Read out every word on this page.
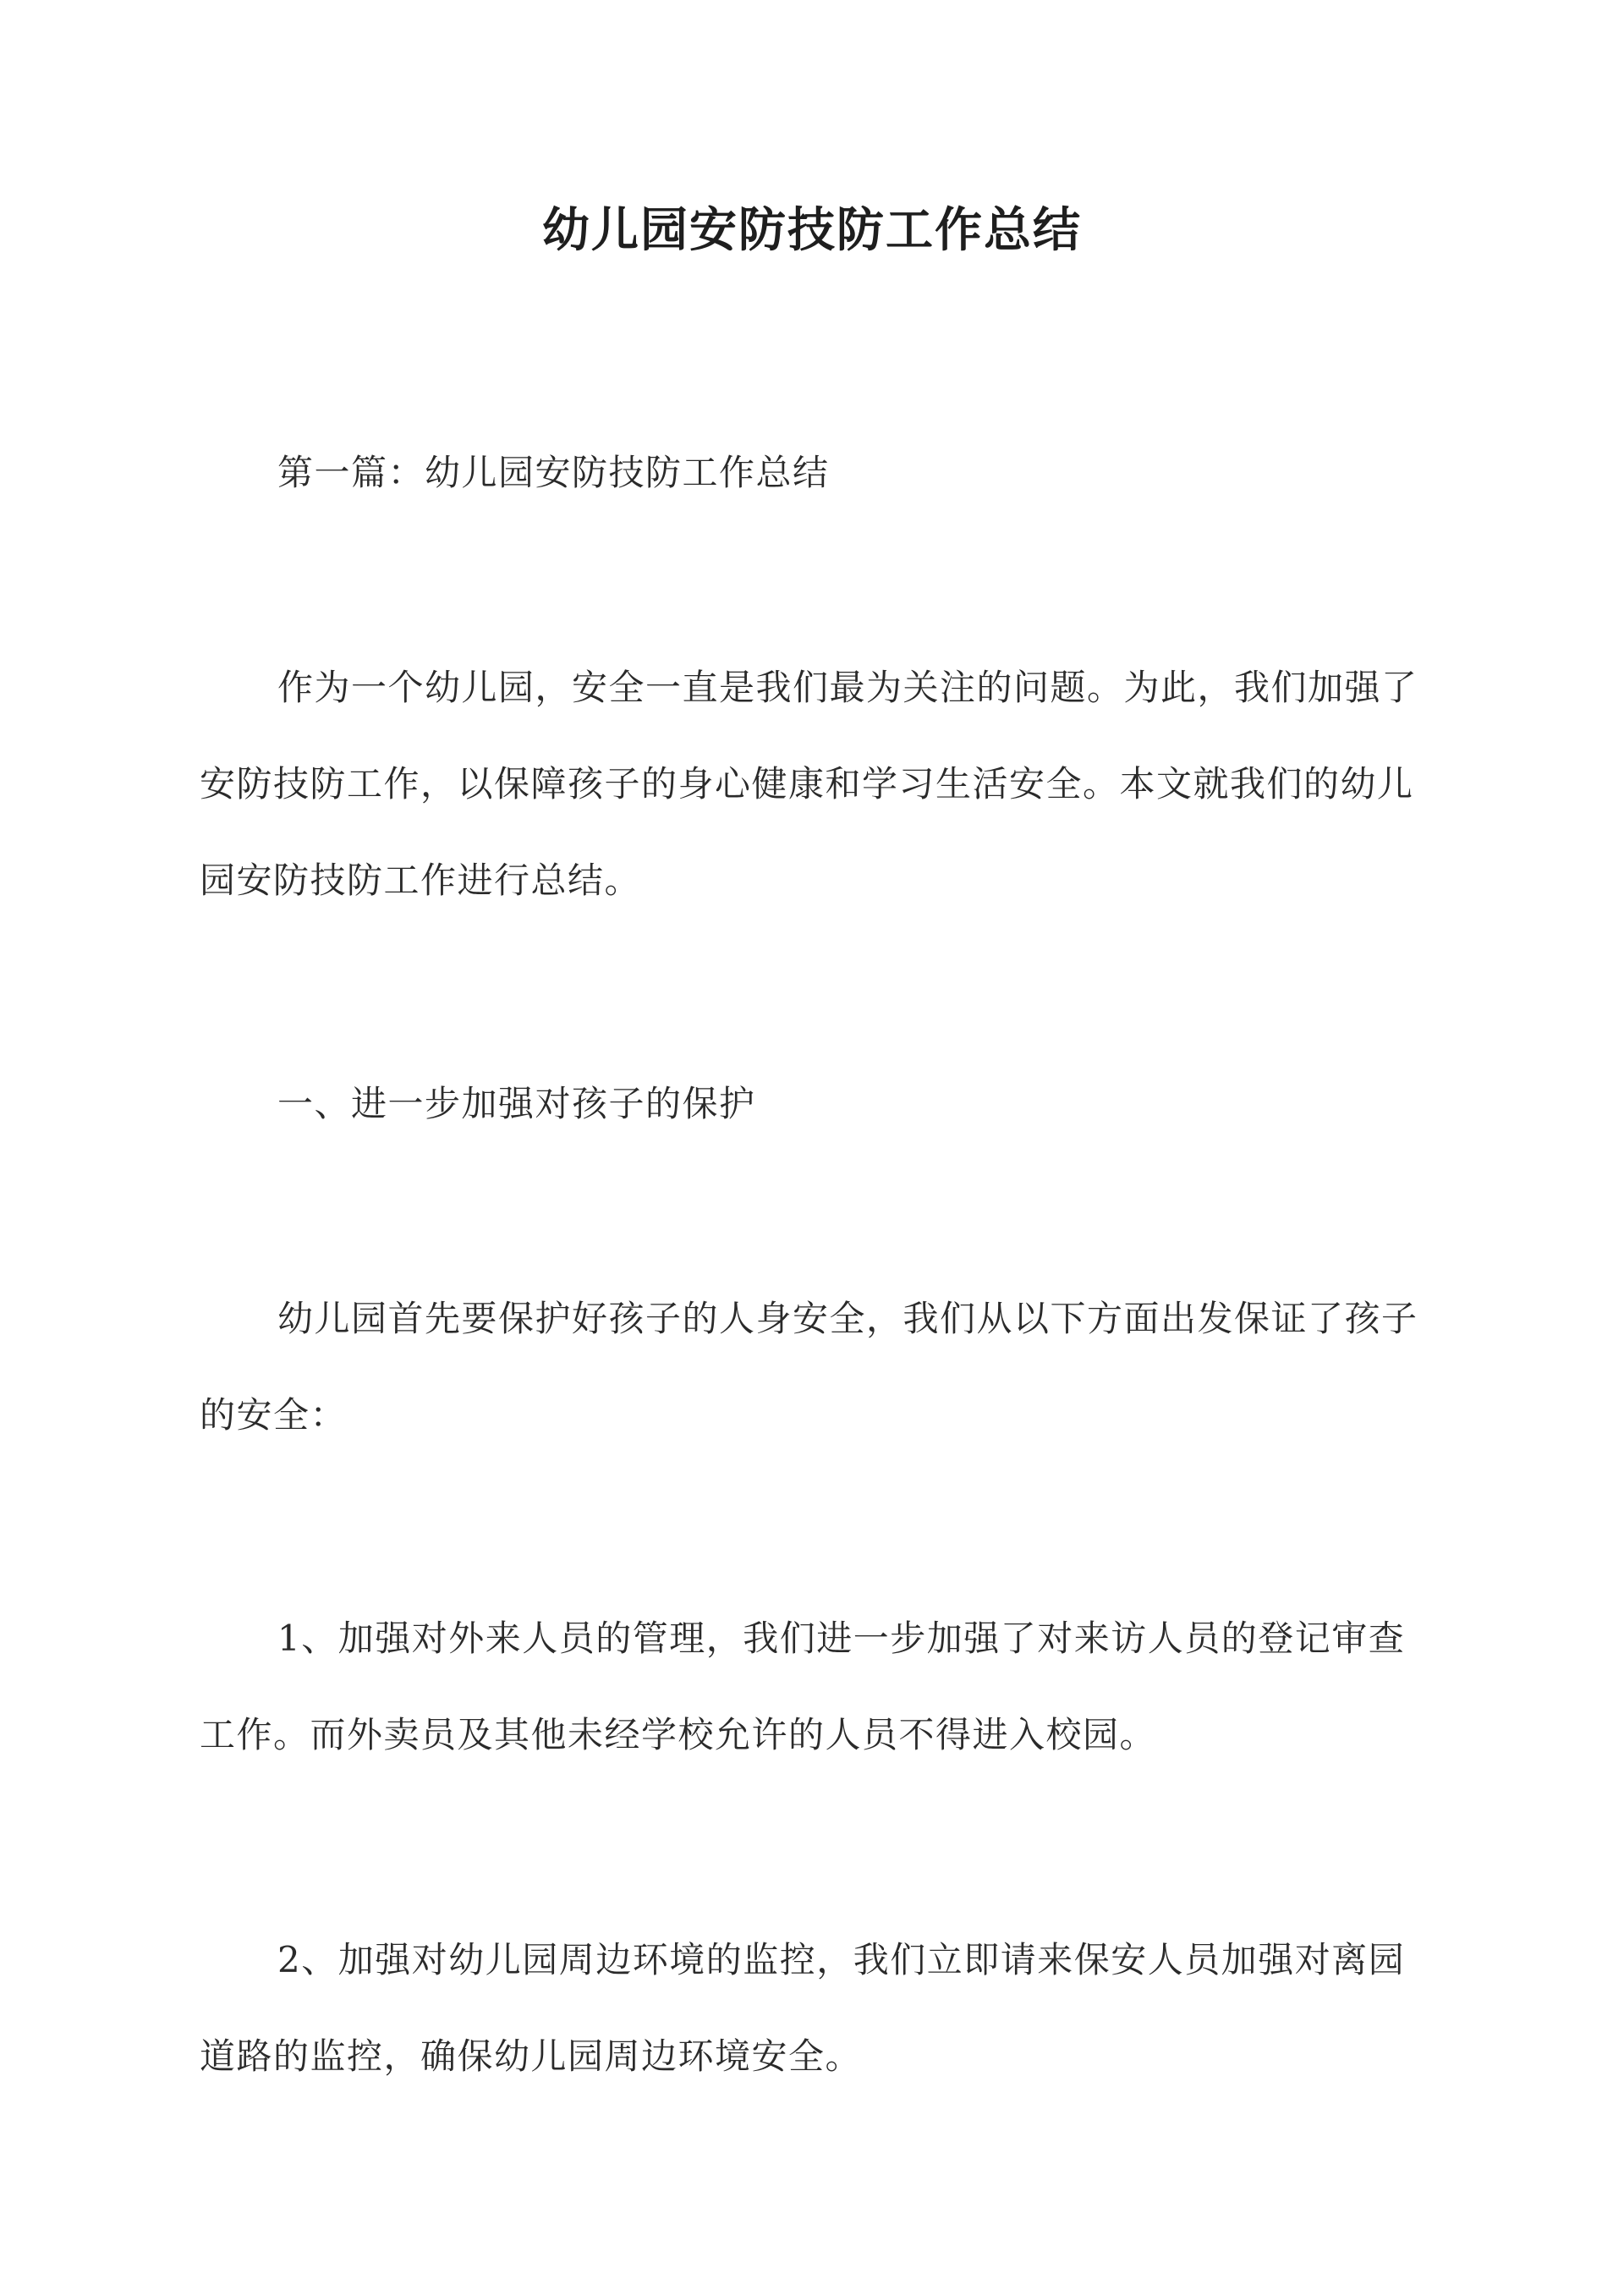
幼儿园安防技防工作总结
第一篇：幼儿园安防技防工作总结
作为一个幼儿园，安全一直是我们最为关注的问题。为此，我们加强了安防技防工作，以保障孩子的身心健康和学习生活安全。本文就我们的幼儿园安防技防工作进行总结。
一、进一步加强对孩子的保护
幼儿园首先要保护好孩子的人身安全，我们从以下方面出发保证了孩子的安全：
1、加强对外来人员的管理，我们进一步加强了对来访人员的登记审查工作。而外卖员及其他未经学校允许的人员不得进入校园。
2、加强对幼儿园周边环境的监控，我们立即请来保安人员加强对离园道路的监控，确保幼儿园周边环境安全。
